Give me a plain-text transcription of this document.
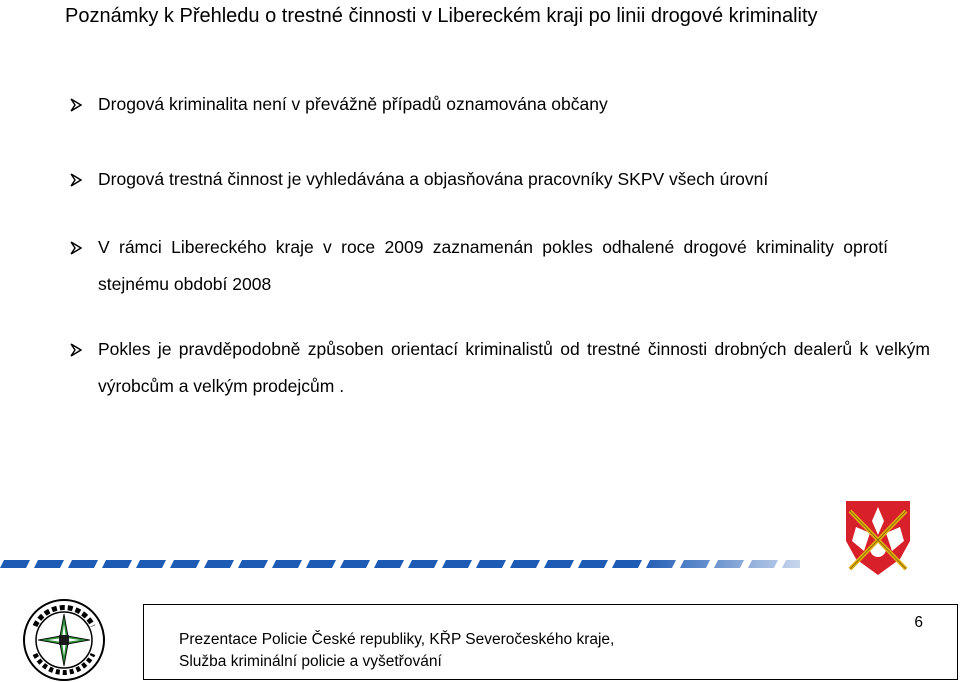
Poznámky k Přehledu o trestné činnosti v Libereckém kraji po linii drogové kriminality
Drogová kriminalita není v převážně případů oznamována občany
Drogová trestná činnost je vyhledávána a objasňována pracovníky SKPV všech úrovní
V rámci Libereckého kraje v roce 2009 zaznamenán pokles odhalené drogové kriminality oprotí stejnému období 2008
Pokles je pravděpodobně způsoben orientací kriminalistů od trestné činnosti drobných dealerů k velkým výrobcům a velkým prodejcům .
6
Prezentace Policie České republiky, KŘP Severočeského kraje,
Služba kriminální policie a vyšetřování
